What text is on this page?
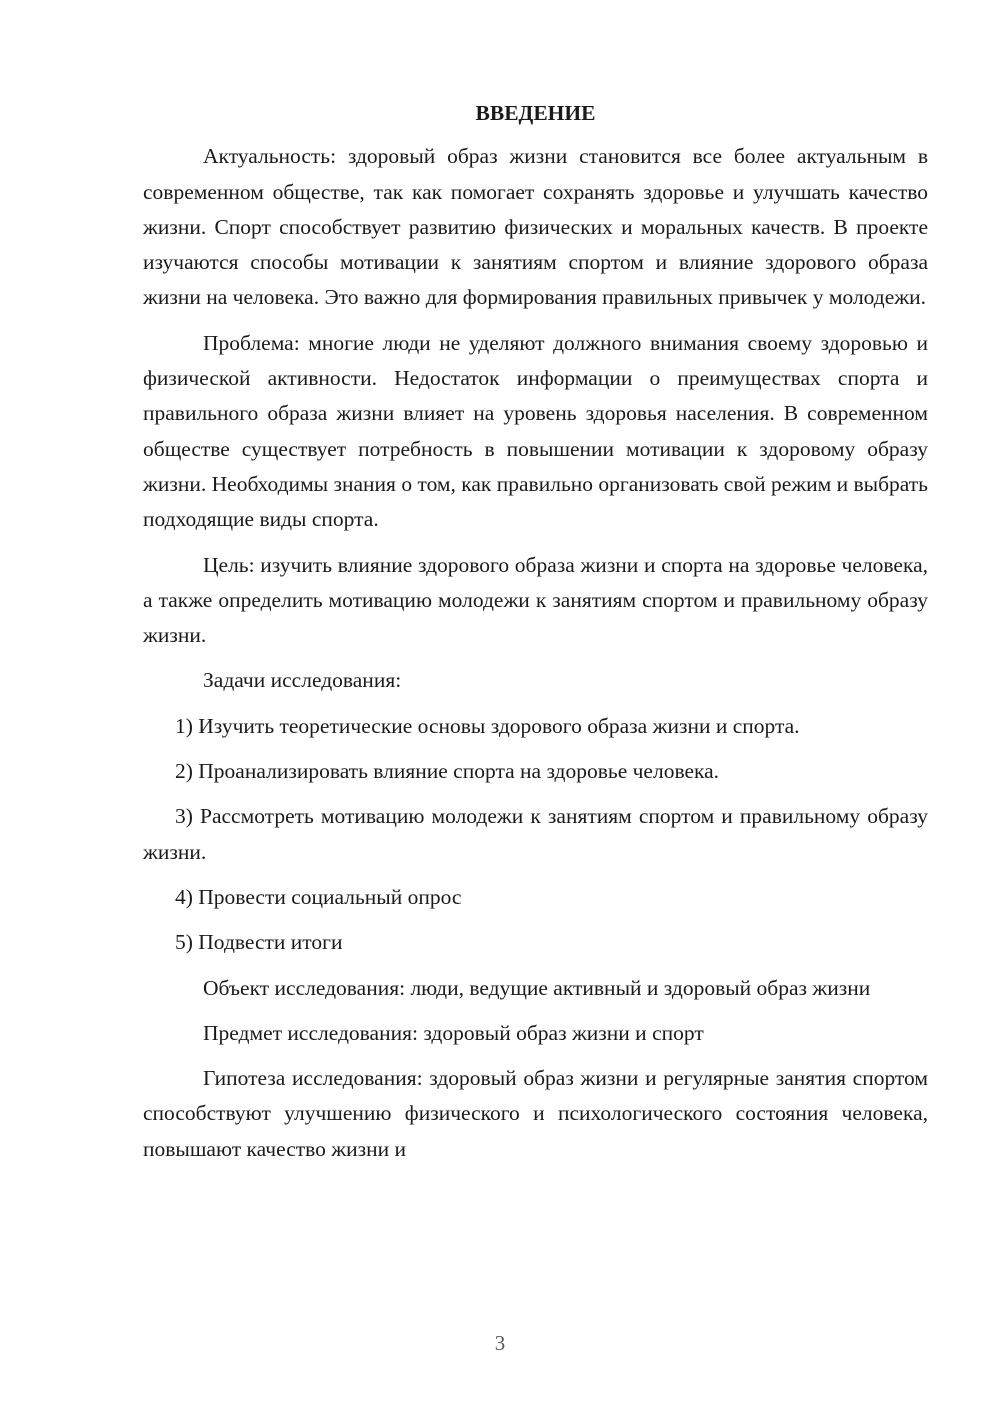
ВВЕДЕНИЕ

Актуальность: здоровый образ жизни становится все более актуальным в современном обществе, так как помогает сохранять здоровье и улучшать качество жизни. Спорт способствует развитию физических и моральных качеств. В проекте изучаются способы мотивации к занятиям спортом и влияние здорового образа жизни на человека. Это важно для формирования правильных привычек у молодежи.

Проблема: многие люди не уделяют должного внимания своему здоровью и физической активности. Недостаток информации о преимуществах спорта и правильного образа жизни влияет на уровень здоровья населения. В современном обществе существует потребность в повышении мотивации к здоровому образу жизни. Необходимы знания о том, как правильно организовать свой режим и выбрать подходящие виды спорта.

Цель: изучить влияние здорового образа жизни и спорта на здоровье человека, а также определить мотивацию молодежи к занятиям спортом и правильному образу жизни.

Задачи исследования:

1) Изучить теоретические основы здорового образа жизни и спорта.

2) Проанализировать влияние спорта на здоровье человека.

3) Рассмотреть мотивацию молодежи к занятиям спортом и правильному образу жизни.

4) Провести социальный опрос

5) Подвести итоги

Объект исследования: люди, ведущие активный и здоровый образ жизни

Предмет исследования: здоровый образ жизни и спорт

Гипотеза исследования: здоровый образ жизни и регулярные занятия спортом способствуют улучшению физического и психологического состояния человека, повышают качество жизни и

3
